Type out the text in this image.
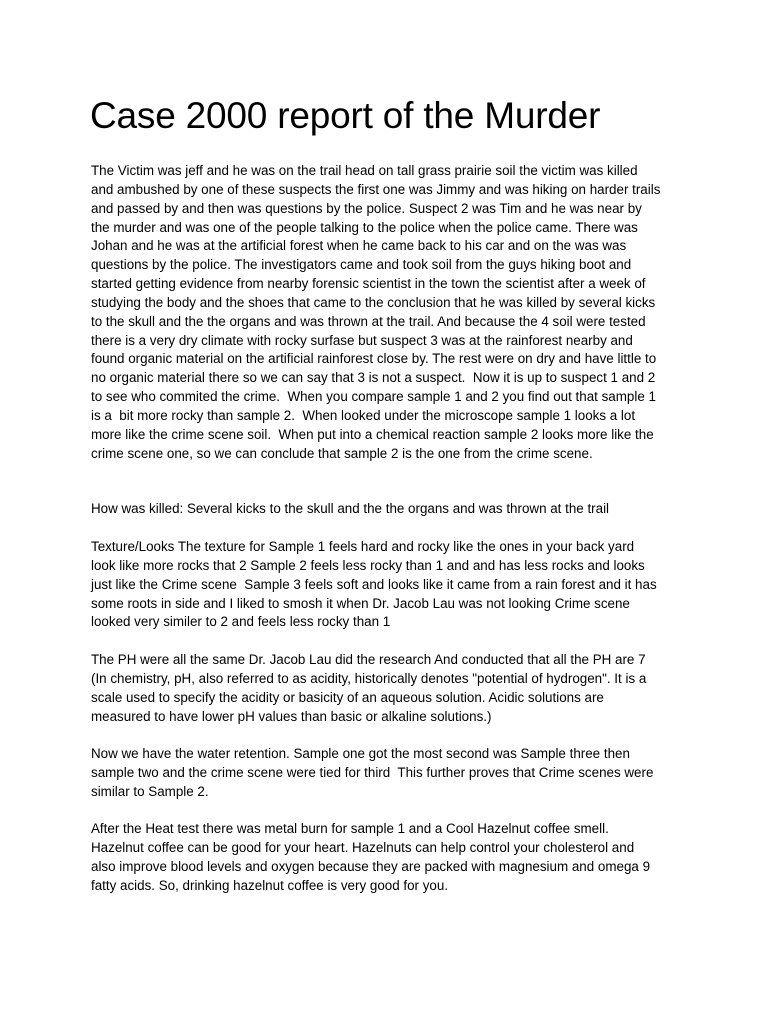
Case 2000 report of the Murder
The Victim was jeff and he was on the trail head on tall grass prairie soil the victim was killed
and ambushed by one of these suspects the first one was Jimmy and was hiking on harder trails
and passed by and then was questions by the police. Suspect 2 was Tim and he was near by
the murder and was one of the people talking to the police when the police came. There was
Johan and he was at the artificial forest when he came back to his car and on the was was
questions by the police. The investigators came and took soil from the guys hiking boot and
started getting evidence from nearby forensic scientist in the town the scientist after a week of
studying the body and the shoes that came to the conclusion that he was killed by several kicks
to the skull and the the organs and was thrown at the trail. And because the 4 soil were tested
there is a very dry climate with rocky surfase but suspect 3 was at the rainforest nearby and
found organic material on the artificial rainforest close by. The rest were on dry and have little to
no organic material there so we can say that 3 is not a suspect.  Now it is up to suspect 1 and 2
to see who commited the crime.  When you compare sample 1 and 2 you find out that sample 1
is a  bit more rocky than sample 2.  When looked under the microscope sample 1 looks a lot
more like the crime scene soil.  When put into a chemical reaction sample 2 looks more like the
crime scene one, so we can conclude that sample 2 is the one from the crime scene.
How was killed: Several kicks to the skull and the the organs and was thrown at the trail
Texture/Looks The texture for Sample 1 feels hard and rocky like the ones in your back yard
look like more rocks that 2 Sample 2 feels less rocky than 1 and and has less rocks and looks
just like the Crime scene  Sample 3 feels soft and looks like it came from a rain forest and it has
some roots in side and I liked to smosh it when Dr. Jacob Lau was not looking Crime scene
looked very similer to 2 and feels less rocky than 1
The PH were all the same Dr. Jacob Lau did the research And conducted that all the PH are 7
(In chemistry, pH, also referred to as acidity, historically denotes "potential of hydrogen". It is a
scale used to specify the acidity or basicity of an aqueous solution. Acidic solutions are
measured to have lower pH values than basic or alkaline solutions.)
Now we have the water retention. Sample one got the most second was Sample three then
sample two and the crime scene were tied for third  This further proves that Crime scenes were
similar to Sample 2.
After the Heat test there was metal burn for sample 1 and a Cool Hazelnut coffee smell.
Hazelnut coffee can be good for your heart. Hazelnuts can help control your cholesterol and
also improve blood levels and oxygen because they are packed with magnesium and omega 9
fatty acids. So, drinking hazelnut coffee is very good for you.
